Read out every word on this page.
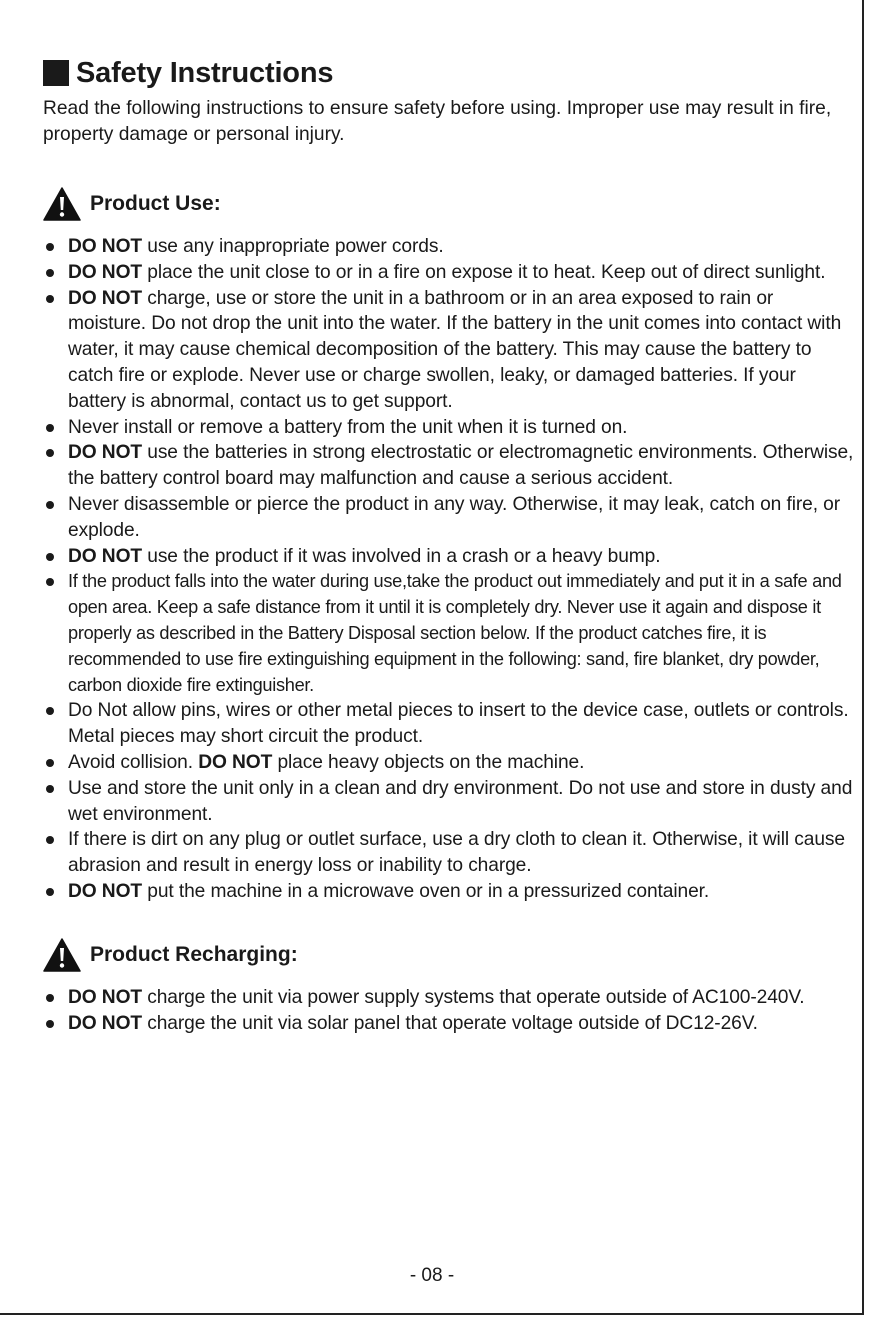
Safety Instructions
Read the following instructions to ensure safety before using. Improper use may result in fire, property damage or personal injury.
Product Use:
DO NOT use any inappropriate power cords.
DO NOT place the unit close to or in a fire on expose it to heat. Keep out of direct sunlight.
DO NOT charge, use or store the unit in a bathroom or in an area exposed to rain or moisture. Do not drop the unit into the water. If the battery in the unit comes into contact with water, it may cause chemical decomposition of the battery. This may cause the battery to catch fire or explode. Never use or charge swollen, leaky, or damaged batteries. If your battery is abnormal, contact us to get support.
Never install or remove a battery from the unit when it is turned on.
DO NOT use the batteries in strong electrostatic or electromagnetic environments. Otherwise, the battery control board may malfunction and cause a serious accident.
Never disassemble or pierce the product in any way. Otherwise, it may leak, catch on fire, or explode.
DO NOT use the product if it was involved in a crash or a heavy bump.
If the product falls into the water during use,take the product out immediately and put it in a safe and open area. Keep a safe distance from it until it is completely dry. Never use it again and dispose it properly as described in the Battery Disposal section below. If the product catches fire, it is recommended to use fire extinguishing equipment in the following: sand, fire blanket, dry powder, carbon dioxide fire extinguisher.
Do Not allow pins, wires or other metal pieces to insert to the device case, outlets or controls. Metal pieces may short circuit the product.
Avoid collision. DO NOT place heavy objects on the machine.
Use and store the unit only in a clean and dry environment. Do not use and store in dusty and wet environment.
If there is dirt on any plug or outlet surface, use a dry cloth to clean it. Otherwise, it will cause abrasion and result in energy loss or inability to charge.
DO NOT put the machine in a microwave oven or in a pressurized container.
Product Recharging:
DO NOT charge the unit via power supply systems that operate outside of AC100-240V.
DO NOT charge the unit via solar panel that operate voltage outside of DC12-26V.
- 08 -
